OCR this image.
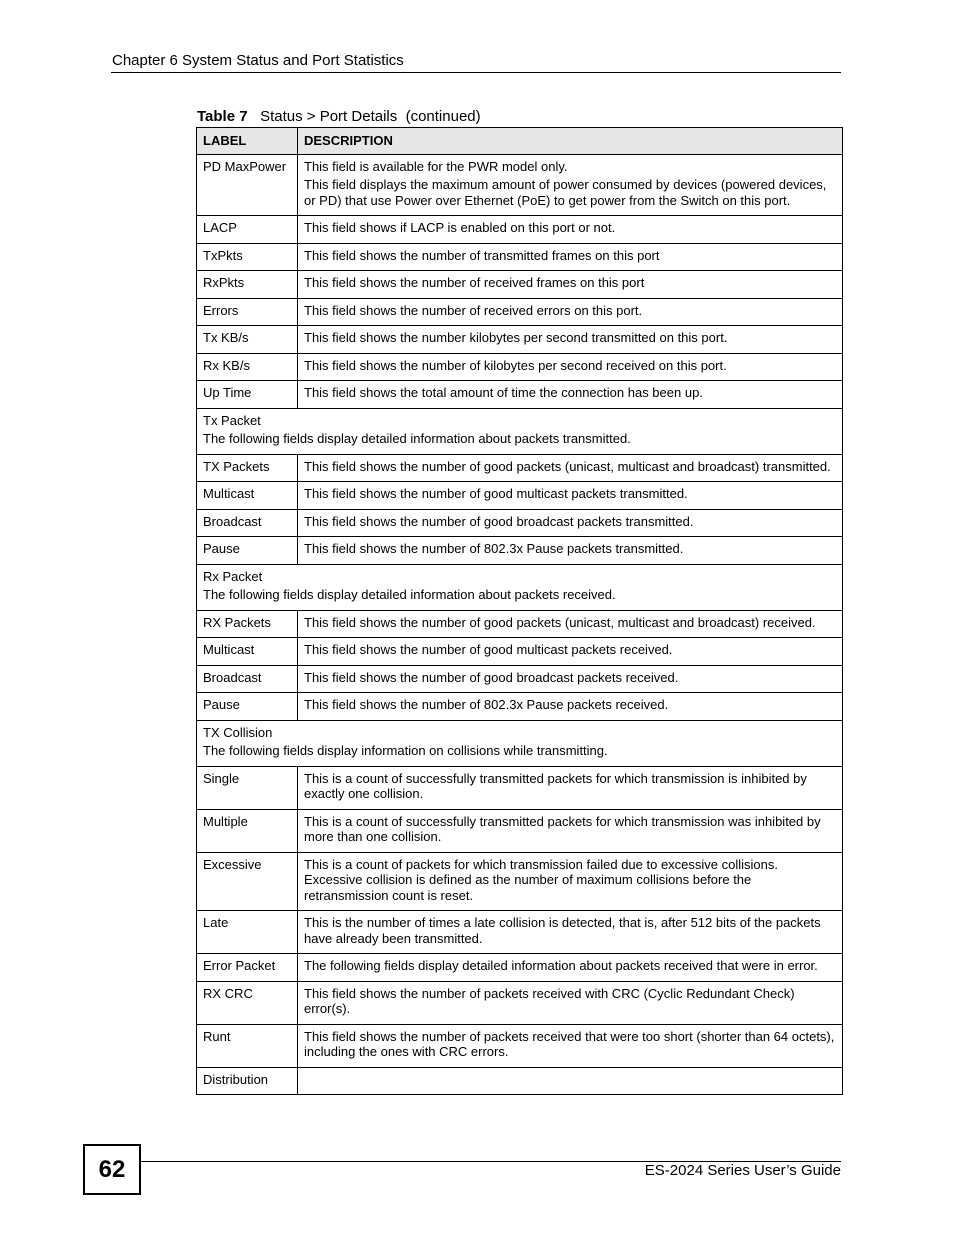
Chapter 6 System Status and Port Statistics
Table 7 Status > Port Details  (continued)
LABEL	DESCRIPTION
PD MaxPower	This field is available for the PWR model only.

This field displays the maximum amount of power consumed by devices (powered devices, or PD) that use Power over Ethernet (PoE) to get power from the Switch on this port.

LACP	This field shows if LACP is enabled on this port or not.

TxPkts	This field shows the number of transmitted frames on this port

RxPkts	This field shows the number of received frames on this port

Errors	This field shows the number of received errors on this port.

Tx KB/s	This field shows the number kilobytes per second transmitted on this port.

Rx KB/s	This field shows the number of kilobytes per second received on this port.

Up Time	This field shows the total amount of time the connection has been up.

Tx Packet
The following fields display detailed information about packets transmitted.	

TX Packets	This field shows the number of good packets (unicast, multicast and broadcast) transmitted.

Multicast	This field shows the number of good multicast packets transmitted.

Broadcast	This field shows the number of good broadcast packets transmitted.

Pause	This field shows the number of 802.3x Pause packets transmitted.

Rx Packet
The following fields display detailed information about packets received.	

RX Packets	This field shows the number of good packets (unicast, multicast and broadcast) received.

Multicast	This field shows the number of good multicast packets received.

Broadcast	This field shows the number of good broadcast packets received.

Pause	This field shows the number of 802.3x Pause packets received.

TX Collision
The following fields display information on collisions while transmitting.	

Single	This is a count of successfully transmitted packets for which transmission is inhibited by exactly one collision.

Multiple	This is a count of successfully transmitted packets for which transmission was inhibited by more than one collision.

Excessive	This is a count of packets for which transmission failed due to excessive collisions. Excessive collision is defined as the number of maximum collisions before the retransmission count is reset.

Late	This is the number of times a late collision is detected, that is, after 512 bits of the packets have already been transmitted.

Error Packet	The following fields display detailed information about packets received that were in error.

RX CRC	This field shows the number of packets received with CRC (Cyclic Redundant Check) error(s).

Runt	This field shows the number of packets received that were too short (shorter than 64 octets), including the ones with CRC errors.

Distribution	
62	ES-2024 Series User’s Guide
